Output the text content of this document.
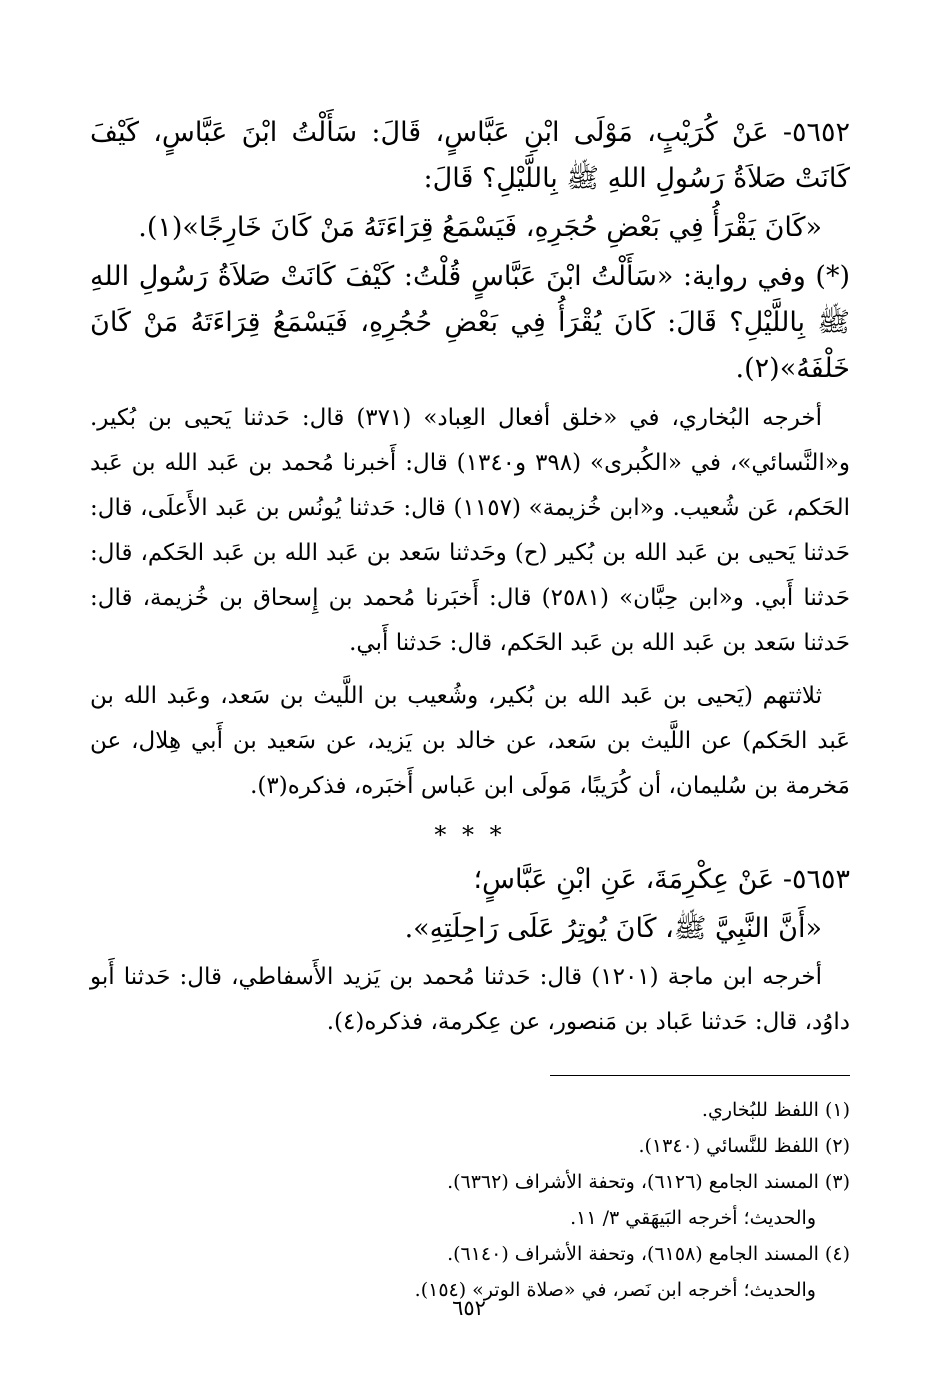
٥٦٥٢- عَنْ كُرَيْبٍ، مَوْلَى ابْنِ عَبَّاسٍ، قَالَ: سَأَلْتُ ابْنَ عَبَّاسٍ، كَيْفَ كَانَتْ صَلاَةُ رَسُولِ اللهِ ﷺ بِاللَّيْلِ؟ قَالَ:

«كَانَ يَقْرَأُ فِي بَعْضِ حُجَرِهِ، فَيَسْمَعُ قِرَاءَتَهُ مَنْ كَانَ خَارِجًا»(١).

(*) وفي رواية: «سَأَلْتُ ابْنَ عَبَّاسٍ قُلْتُ: كَيْفَ كَانَتْ صَلاَةُ رَسُولِ اللهِ ﷺ بِاللَّيْلِ؟ قَالَ: كَانَ يُقْرَأُ فِي بَعْضِ حُجُرِهِ، فَيَسْمَعُ قِرَاءَتَهُ مَنْ كَانَ خَلْفَهُ»(٢).

أخرجه البُخاري، في «خلق أفعال العِباد» (٣٧١) قال: حَدثنا يَحيى بن بُكير. و«النَّسائي»، في «الكُبرى» (٣٩٨ و١٣٤٠) قال: أَخبرنا مُحمد بن عَبد الله بن عَبد الحَكم، عَن شُعيب. و«ابن خُزيمة» (١١٥٧) قال: حَدثنا يُونُس بن عَبد الأَعلَى، قال: حَدثنا يَحيى بن عَبد الله بن بُكير (ح) وحَدثنا سَعد بن عَبد الله بن عَبد الحَكم، قال: حَدثنا أَبي. و«ابن حِبَّان» (٢٥٨١) قال: أَخبَرنا مُحمد بن إِسحاق بن خُزيمة، قال: حَدثنا سَعد بن عَبد الله بن عَبد الحَكم، قال: حَدثنا أَبي.

ثلاثتهم (يَحيى بن عَبد الله بن بُكير، وشُعيب بن اللَّيث بن سَعد، وعَبد الله بن عَبد الحَكم) عن اللَّيث بن سَعد، عن خالد بن يَزيد، عن سَعيد بن أَبي هِلال، عن مَخرمة بن سُليمان، أن كُرَيبًا، مَولَى ابن عَباس أَخبَره، فذكره(٣).

* * *

٥٦٥٣- عَنْ عِكْرِمَةَ، عَنِ ابْنِ عَبَّاسٍ؛

«أَنَّ النَّبِيَّ ﷺ، كَانَ يُوتِرُ عَلَى رَاحِلَتِهِ».

أخرجه ابن ماجة (١٢٠١) قال: حَدثنا مُحمد بن يَزيد الأَسفاطي، قال: حَدثنا أَبو داوُد، قال: حَدثنا عَباد بن مَنصور، عن عِكرمة، فذكره(٤).

(١) اللفظ للبُخاري.

(٢) اللفظ للنَّسائي (١٣٤٠).

(٣) المسند الجامع (٦١٢٦)، وتحفة الأشراف (٦٣٦٢).

والحديث؛ أخرجه البَيهَقي ٣/ ١١.

(٤) المسند الجامع (٦١٥٨)، وتحفة الأشراف (٦١٤٠).

والحديث؛ أخرجه ابن نَصر، في «صلاة الوتر» (١٥٤).

٦٥٢
